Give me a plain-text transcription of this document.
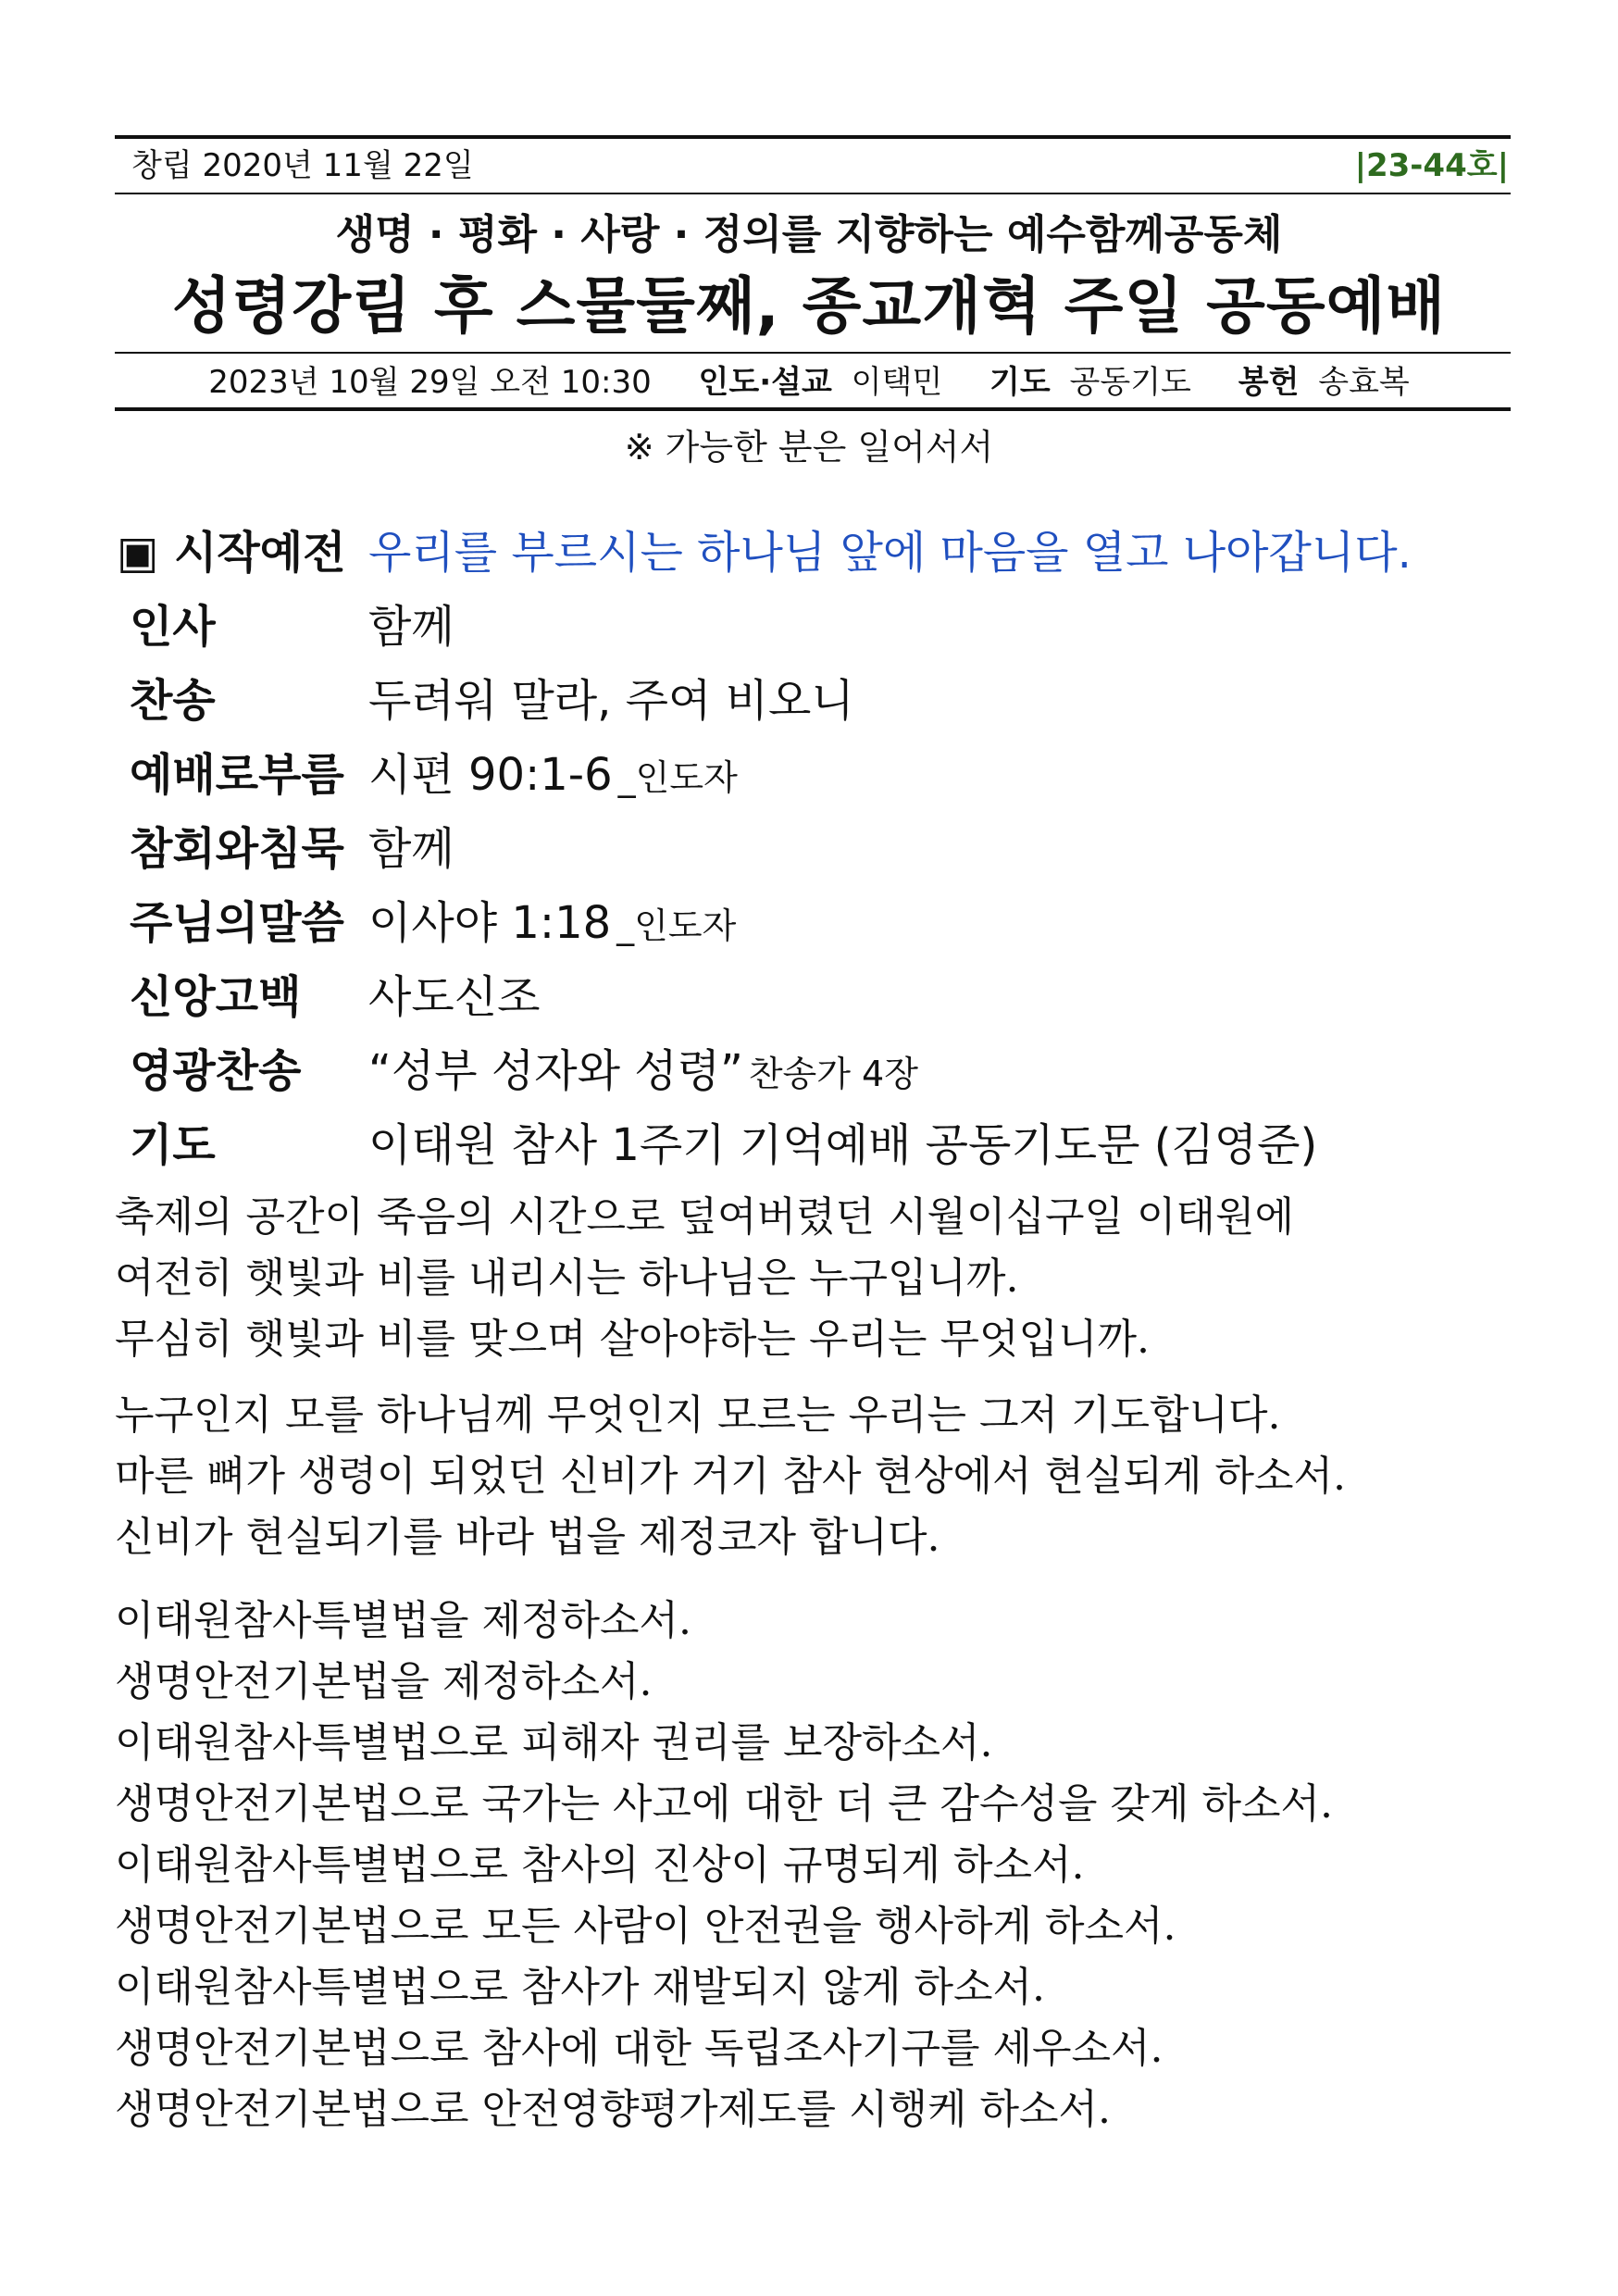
창립 2020년 11월 22일	|23-44호|
생명 · 평화 · 사랑 · 정의를 지향하는 예수함께공동체
성령강림 후 스물둘째, 종교개혁 주일 공동예배
2023년 10월 29일 오전 10:30 인도·설교 이택민 기도 공동기도 봉헌 송효복
※ 가능한 분은 일어서서
▣ 시작예전 우리를 부르시는 하나님 앞에 마음을 열고 나아갑니다.
인사	함께
찬송	두려워 말라, 주여 비오니
예배로부름 시편 90:1-6 _인도자
참회와침묵 함께
주님의말씀 이사야 1:18 _인도자
신앙고백 사도신조
영광찬송 “성부 성자와 성령” 찬송가 4장
기도	이태원 참사 1주기 기억예배 공동기도문 (김영준)
축제의 공간이 죽음의 시간으로 덮여버렸던 시월이십구일 이태원에
여전히 햇빛과 비를 내리시는 하나님은 누구입니까.
무심히 햇빛과 비를 맞으며 살아야하는 우리는 무엇입니까.
누구인지 모를 하나님께 무엇인지 모르는 우리는 그저 기도합니다.
마른 뼈가 생령이 되었던 신비가 거기 참사 현상에서 현실되게 하소서.
신비가 현실되기를 바라 법을 제정코자 합니다.
이태원참사특별법을 제정하소서.
생명안전기본법을 제정하소서.
이태원참사특별법으로 피해자 권리를 보장하소서.
생명안전기본법으로 국가는 사고에 대한 더 큰 감수성을 갖게 하소서.
이태원참사특별법으로 참사의 진상이 규명되게 하소서.
생명안전기본법으로 모든 사람이 안전권을 행사하게 하소서.
이태원참사특별법으로 참사가 재발되지 않게 하소서.
생명안전기본법으로 참사에 대한 독립조사기구를 세우소서.
생명안전기본법으로 안전영향평가제도를 시행케 하소서.
